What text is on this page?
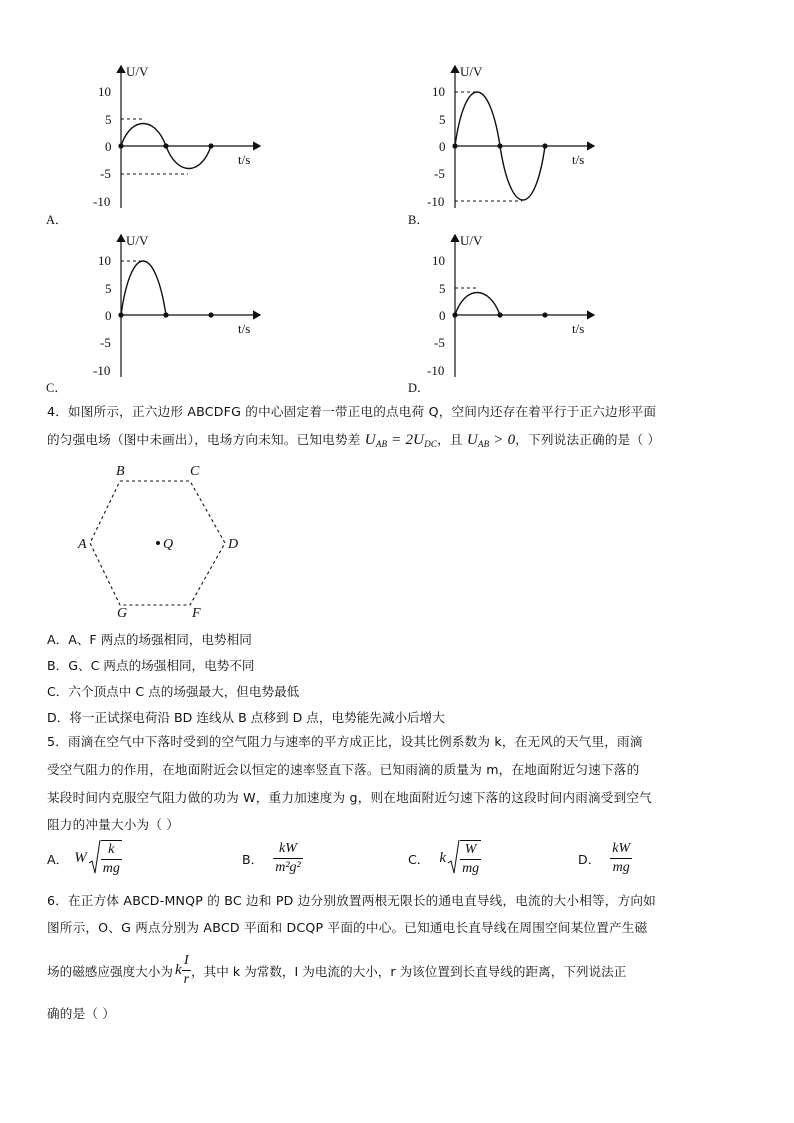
U/V
t/s
10
5
0
-5
-10
A．
U/V
t/s
10
5
0
-5
-10
B．
U/V
t/s
10
5
0
-5
-10
C．
U/V
t/s
10
5
0
-5
-10
D．
4．如图所示，正六边形 ABCDFG 的中心固定着一带正电的点电荷 Q，空间内还存在着平行于正六边形平面
的匀强电场（图中未画出），电场方向未知。已知电势差 $U_{AB} = 2U_{DC}$，且 $U_{AB} > 0$，下列说法正确的是（ ）
B	C
A	D
G	F
Q
A．A、F 两点的场强相同，电势相同
B．G、C 两点的场强相同，电势不同
C．六个顶点中 C 点的场强最大，但电势最低
D．将一正试探电荷沿 BD 连线从 B 点移到 D 点，电势能先减小后增大
5．雨滴在空气中下落时受到的空气阻力与速率的平方成正比，设其比例系数为 k，在无风的天气里，雨滴
受空气阻力的作用，在地面附近会以恒定的速率竖直下落。已知雨滴的质量为 m，在地面附近匀速下落的
某段时间内克服空气阻力做的功为 W，重力加速度为 g，则在地面附近匀速下落的这段时间内雨滴受到空气
阻力的冲量大小为（ ）
A． W $\frac{k}{mg}$	B． $\frac{kW}{\text{m²g²}}$	C． k $\frac{W}{mg}$	D． $\frac{kW}{mg}$
6．在正方体 ABCD-MNQP 的 BC 边和 PD 边分别放置两根无限长的通电直导线，电流的大小相等，方向如
图所示，O、G 两点分别为 ABCD 平面和 DCQP 平面的中心。已知通电长直导线在周围空间某位置产生磁
场的磁感应强度大小为 k $\frac{I}{r}$ ，其中 k 为常数，I 为电流的大小，r 为该位置到长直导线的距离，下列说法正
确的是（ ）
